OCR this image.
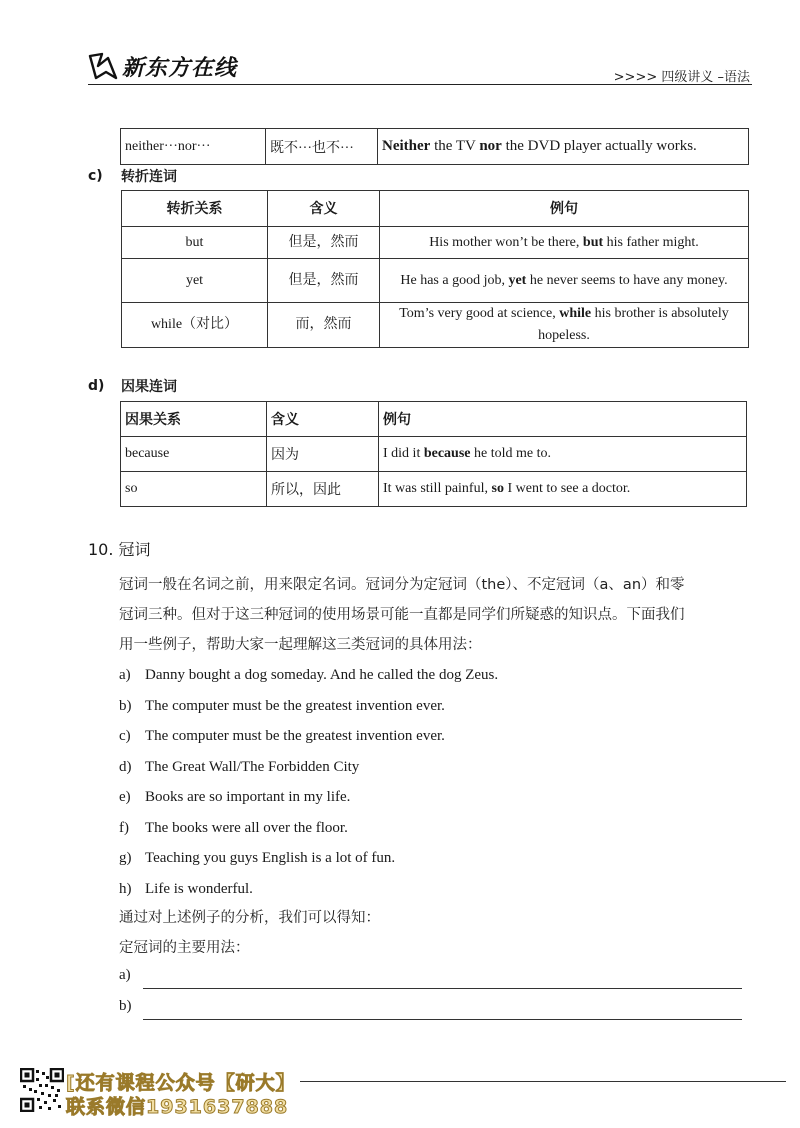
新东方在线	>>>> 四级讲义 –语法
neither···nor···	既不···也不···	Neither the TV nor the DVD player actually works.
c) 转折连词
转折关系	含义	例句
but	但是，然而	His mother won’t be there, but his father might.
yet	但是，然而	He has a good job, yet he never seems to have any money.
while（对比）	而，然而	Tom’s very good at science, while his brother is absolutely hopeless.
d) 因果连词
因果关系	含义	例句
because	因为	I did it because he told me to.
so	所以，因此	It was still painful, so I went to see a doctor.
10. 冠词
冠词一般在名词之前，用来限定名词。冠词分为定冠词（the）、不定冠词（a、an）和零
冠词三种。但对于这三种冠词的使用场景可能一直都是同学们所疑惑的知识点。下面我们
用一些例子，帮助大家一起理解这三类冠词的具体用法：
a) Danny bought a dog someday. And he called the dog Zeus.
b) The computer must be the greatest invention ever.
c) The computer must be the greatest invention ever.
d) The Great Wall/The Forbidden City
e) Books are so important in my life.
f) The books were all over the floor.
g) Teaching you guys English is a lot of fun.
h) Life is wonderful.
通过对上述例子的分析，我们可以得知：
定冠词的主要用法：
a)
b)
[还有课程公众号【研大】
联系微信1931637888
